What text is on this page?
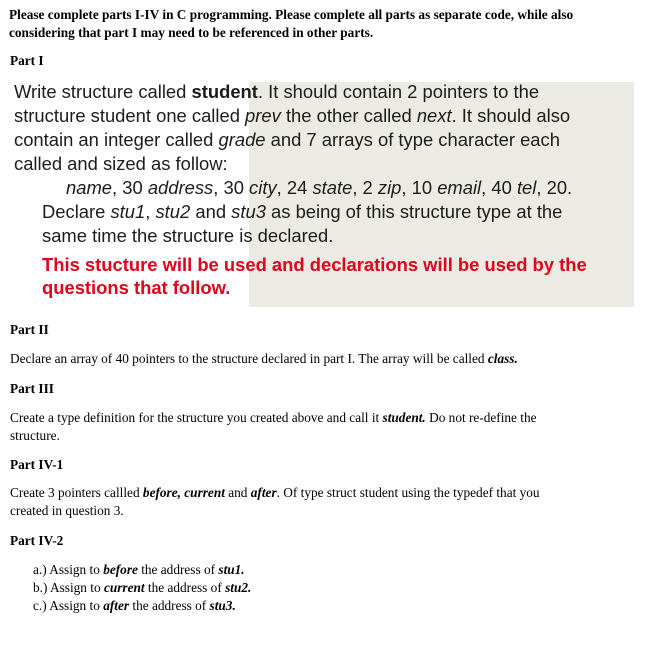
Please complete parts I-IV in C programming. Please complete all parts as separate code, while also
considering that part I may need to be referenced in other parts.
Part I
Write structure called student. It should contain 2 pointers to the
structure student one called prev the other called next. It should also
contain an integer called grade and 7 arrays of type character each
called and sized as follow:
name, 30 address, 30 city, 24 state, 2 zip, 10 email, 40 tel, 20.
Declare stu1, stu2 and stu3 as being of this structure type at the
same time the structure is declared.
This stucture will be used and declarations will be used by the
questions that follow.
Part II
Declare an array of 40 pointers to the structure declared in part I. The array will be called class.
Part III
Create a type definition for the structure you created above and call it student. Do not re-define the
structure.
Part IV-1
Create 3 pointers callled before, current and after. Of type struct student using the typedef that you
created in question 3.
Part IV-2
a.) Assign to before the address of stu1.
b.) Assign to current the address of stu2.
c.) Assign to after the address of stu3.
